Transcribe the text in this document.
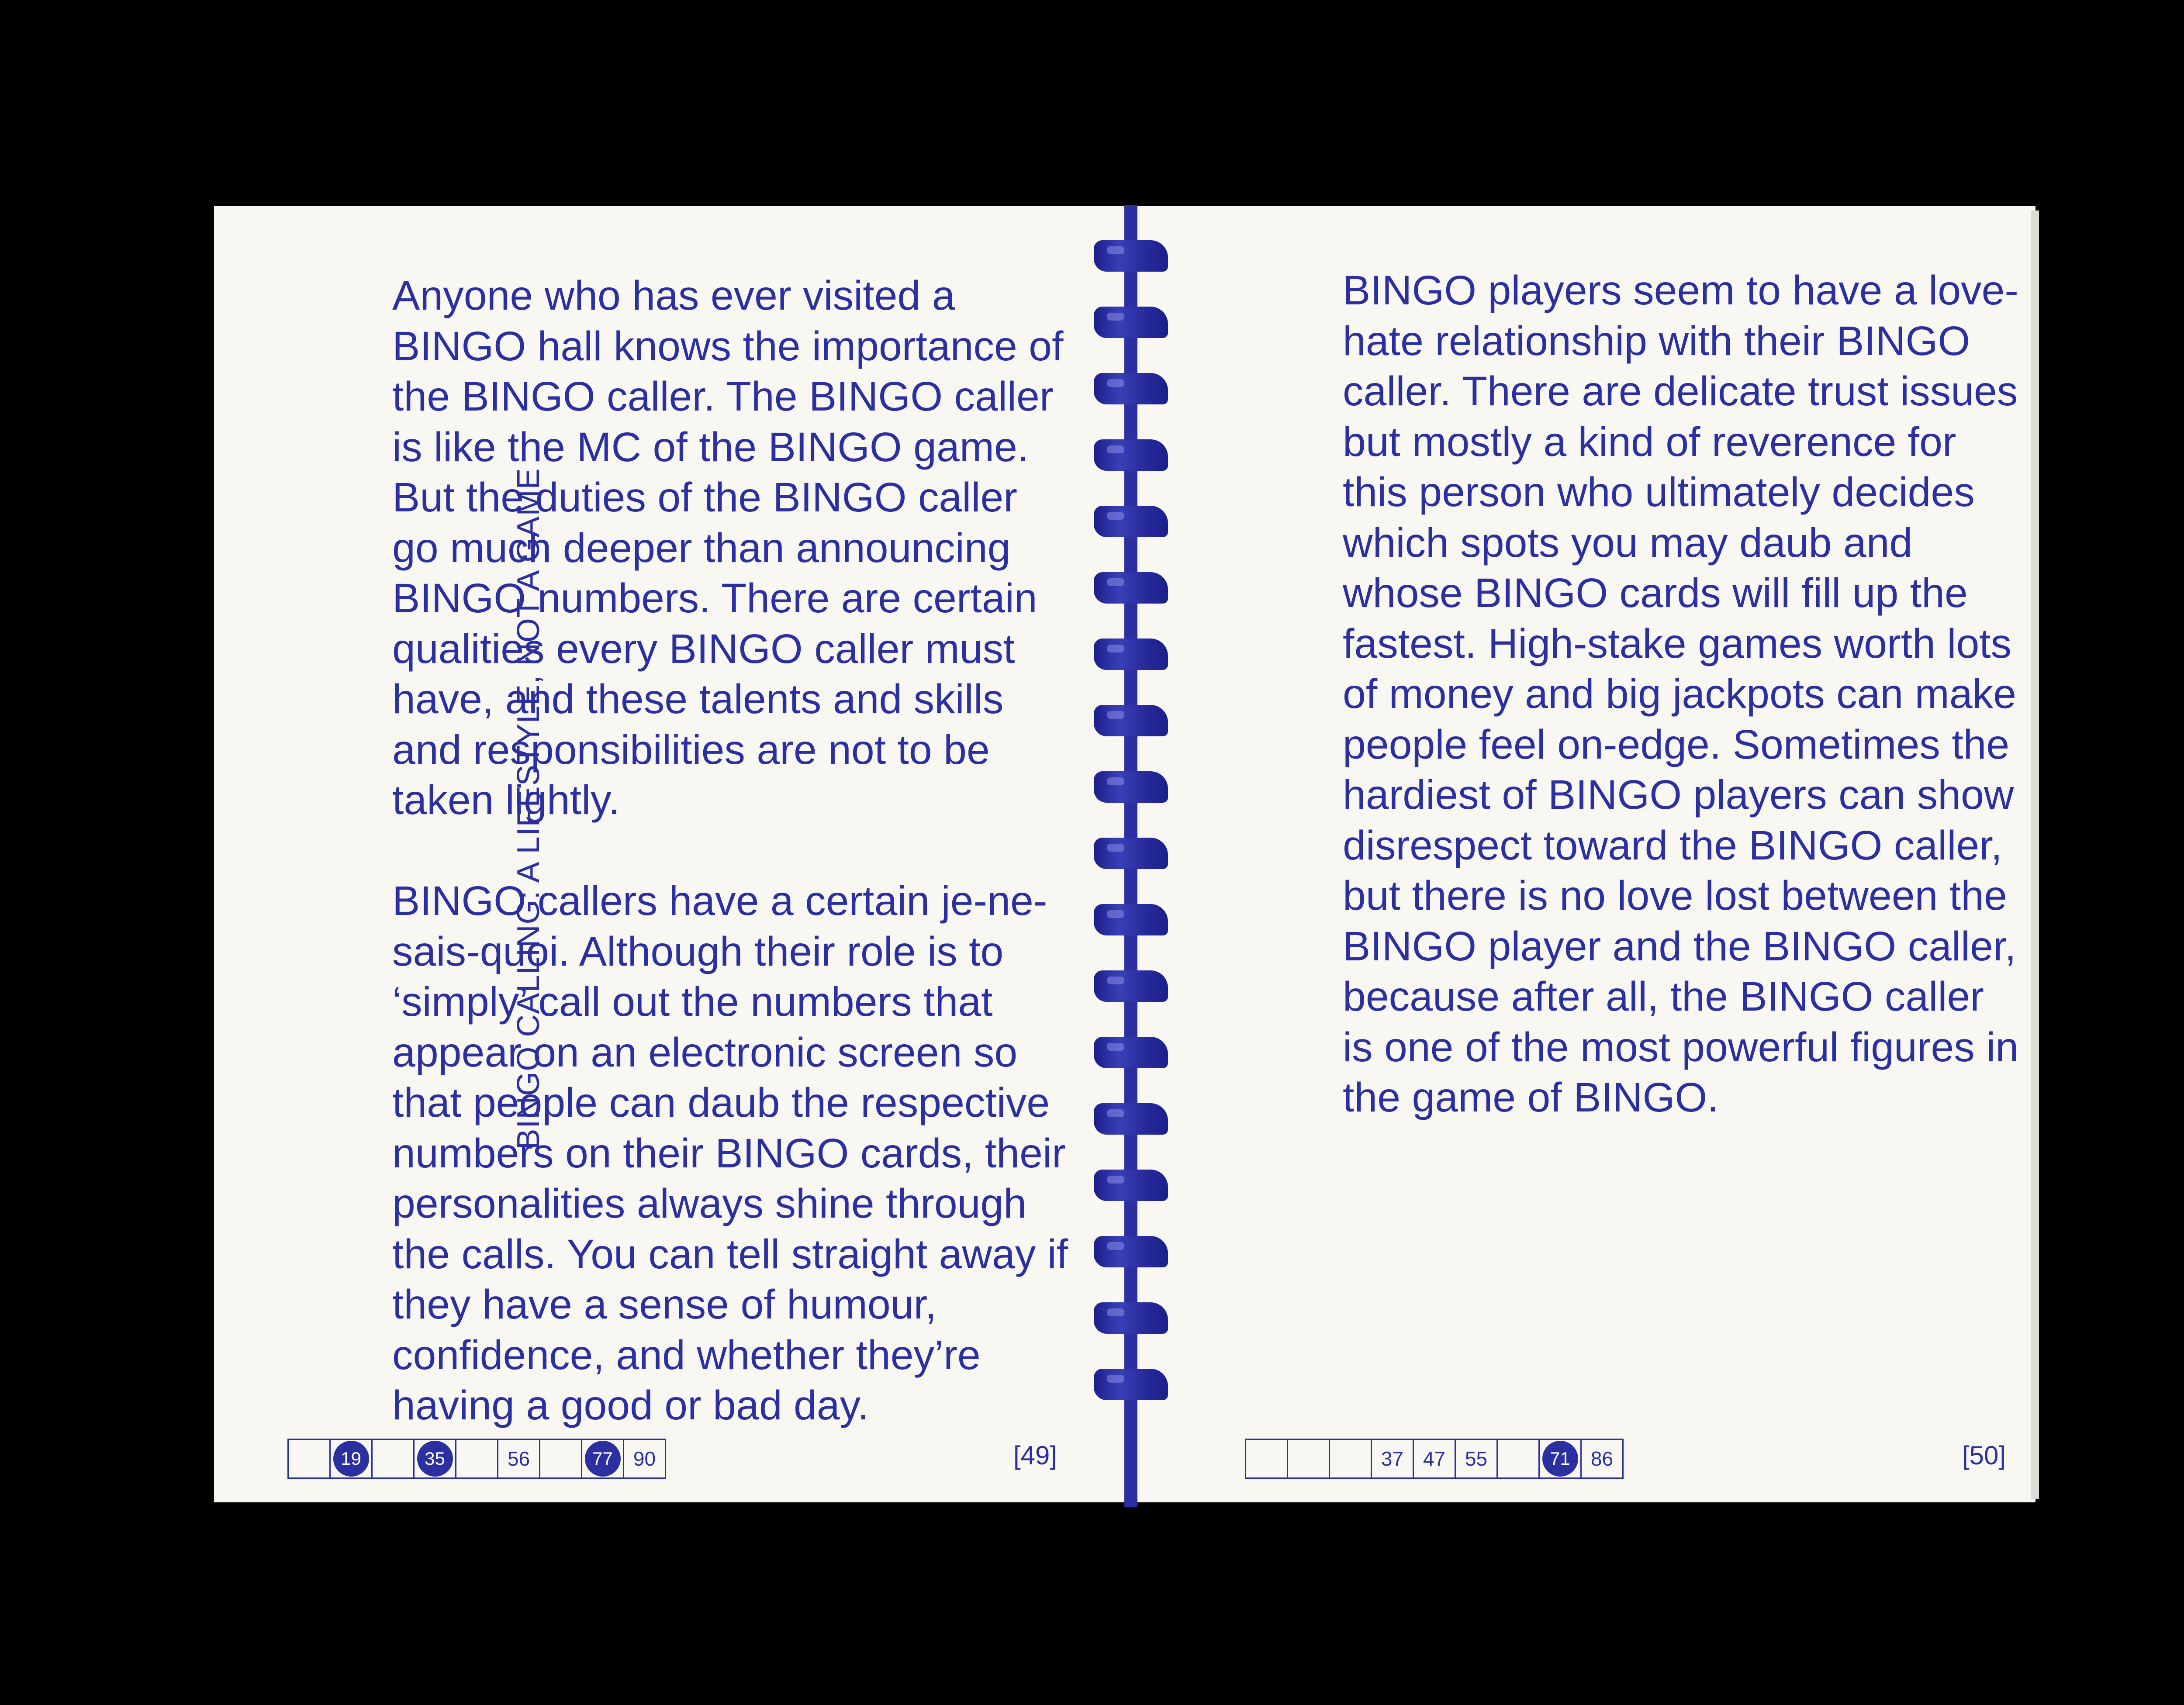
BINGO CALLING: A LIFESTYLE, NOT A GAME

Anyone who has ever visited a BINGO hall knows the importance of the BINGO caller. The BINGO caller is like the MC of the BINGO game. But the duties of the BINGO caller go much deeper than announcing BINGO numbers. There are certain qualities every BINGO caller must have, and these talents and skills and responsibilities are not to be taken lightly.

BINGO callers have a certain je-ne-sais-quoi. Although their role is to ‘simply’ call out the numbers that appear on an electronic screen so that people can daub the respective numbers on their BINGO cards, their personalities always shine through the calls. You can tell straight away if they have a sense of humour, confidence, and whether they’re having a good or bad day.

19	35	56	77	90	[49]

BINGO players seem to have a love-hate relationship with their BINGO caller. There are delicate trust issues but mostly a kind of reverence for this person who ultimately decides which spots you may daub and whose BINGO cards will fill up the fastest. High-stake games worth lots of money and big jackpots can make people feel on-edge. Sometimes the hardiest of BINGO players can show disrespect toward the BINGO caller, but there is no love lost between the BINGO player and the BINGO caller, because after all, the BINGO caller is one of the most powerful figures in the game of BINGO.

37 47 55	71	86	[50]
